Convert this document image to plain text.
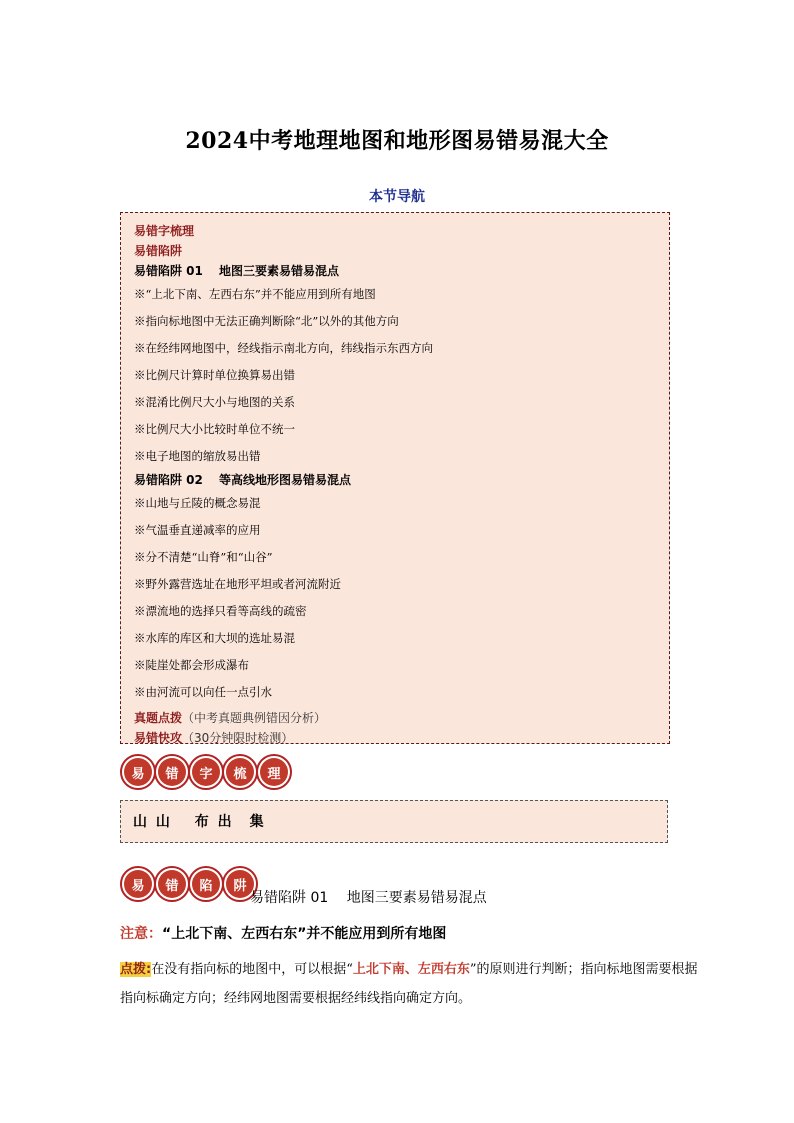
2024中考地理地图和地形图易错易混大全
本节导航
易错字梳理
易错陷阱
易错陷阱 01　 地图三要素易错易混点
※“上北下南、左西右东”并不能应用到所有地图
※指向标地图中无法正确判断除“北”以外的其他方向
※在经纬网地图中，经线指示南北方向，纬线指示东西方向
※比例尺计算时单位换算易出错
※混淆比例尺大小与地图的关系
※比例尺大小比较时单位不统一
※电子地图的缩放易出错
易错陷阱 02　 等高线地形图易错易混点
※山地与丘陵的概念易混
※气温垂直递减率的应用
※分不清楚“山脊”和“山谷”
※野外露营选址在地形平坦或者河流附近
※漂流地的选择只看等高线的疏密
※水库的库区和大坝的选址易混
※陡崖处都会形成瀑布
※由河流可以向任一点引水
真题点拨（中考真题典例错因分析）
易错快攻（30分钟限时检测）
易	错	字	梳	理
山 山　 布 出　集
易	错	陷	阱
易错陷阱 01　 地图三要素易错易混点
注意：“上北下南、左西右东”并不能应用到所有地图
点拨:在没有指向标的地图中，可以根据“上北下南、左西右东”的原则进行判断；指向标地图需要根据指向标确定方向；经纬网地图需要根据经纬线指向确定方向。
